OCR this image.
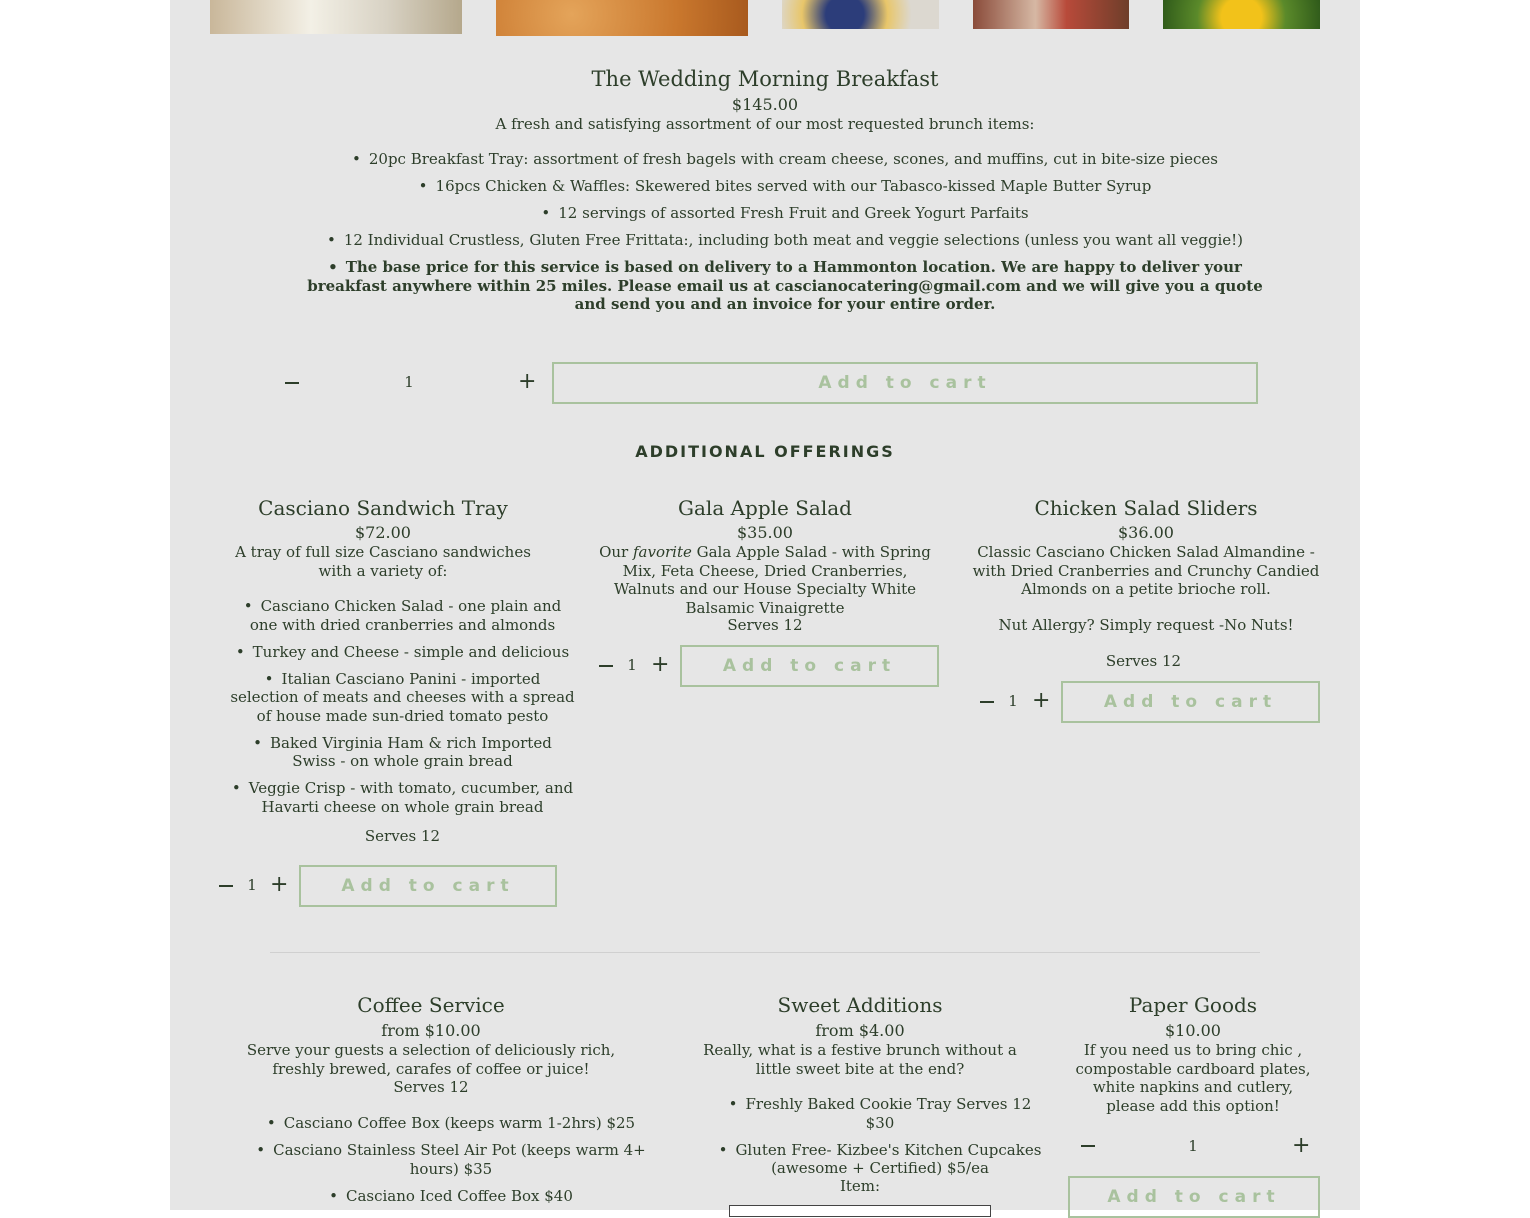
The Wedding Morning Breakfast
$145.00
A fresh and satisfying assortment of our most requested brunch items:
• 20pc Breakfast Tray: assortment of fresh bagels with cream cheese, scones, and muffins, cut in bite-size pieces
• 16pcs Chicken & Waffles: Skewered bites served with our Tabasco-kissed Maple Butter Syrup
• 12 servings of assorted Fresh Fruit and Greek Yogurt Parfaits
• 12 Individual Crustless, Gluten Free Frittata:, including both meat and veggie selections (unless you want all veggie!)
• The base price for this service is based on delivery to a Hammonton location. We are happy to deliver your breakfast anywhere within 25 miles. Please email us at cascianocatering@gmail.com and we will give you a quote and send you and an invoice for your entire order.
1	+	Add to cart
ADDITIONAL OFFERINGS
Casciano Sandwich Tray
$72.00
A tray of full size Casciano sandwiches with a variety of:
• Casciano Chicken Salad - one plain and one with dried cranberries and almonds
• Turkey and Cheese - simple and delicious
• Italian Casciano Panini - imported selection of meats and cheeses with a spread of house made sun-dried tomato pesto
• Baked Virginia Ham & rich Imported Swiss - on whole grain bread
• Veggie Crisp - with tomato, cucumber, and Havarti cheese on whole grain bread
Serves 12
1 +	Add to cart
Gala Apple Salad
$35.00
Our favorite Gala Apple Salad - with Spring Mix, Feta Cheese, Dried Cranberries, Walnuts and our House Specialty White Balsamic Vinaigrette
Serves 12
1 +	Add to cart
Chicken Salad Sliders
$36.00
Classic Casciano Chicken Salad Almandine - with Dried Cranberries and Crunchy Candied Almonds on a petite brioche roll.
Nut Allergy? Simply request -No Nuts!
Serves 12
1 +	Add to cart
Coffee Service
from $10.00
Serve your guests a selection of deliciously rich, freshly brewed, carafes of coffee or juice!
Serves 12
• Casciano Coffee Box (keeps warm 1-2hrs) $25
• Casciano Stainless Steel Air Pot (keeps warm 4+ hours) $35
• Casciano Iced Coffee Box $40
Sweet Additions
from $4.00
Really, what is a festive brunch without a little sweet bite at the end?
• Freshly Baked Cookie Tray Serves 12 $30
• Gluten Free- Kizbee's Kitchen Cupcakes (awesome + Certified) $5/ea
Item:
Paper Goods
$10.00
If you need us to bring chic , compostable cardboard plates, white napkins and cutlery, please add this option!
1	+
Add to cart
